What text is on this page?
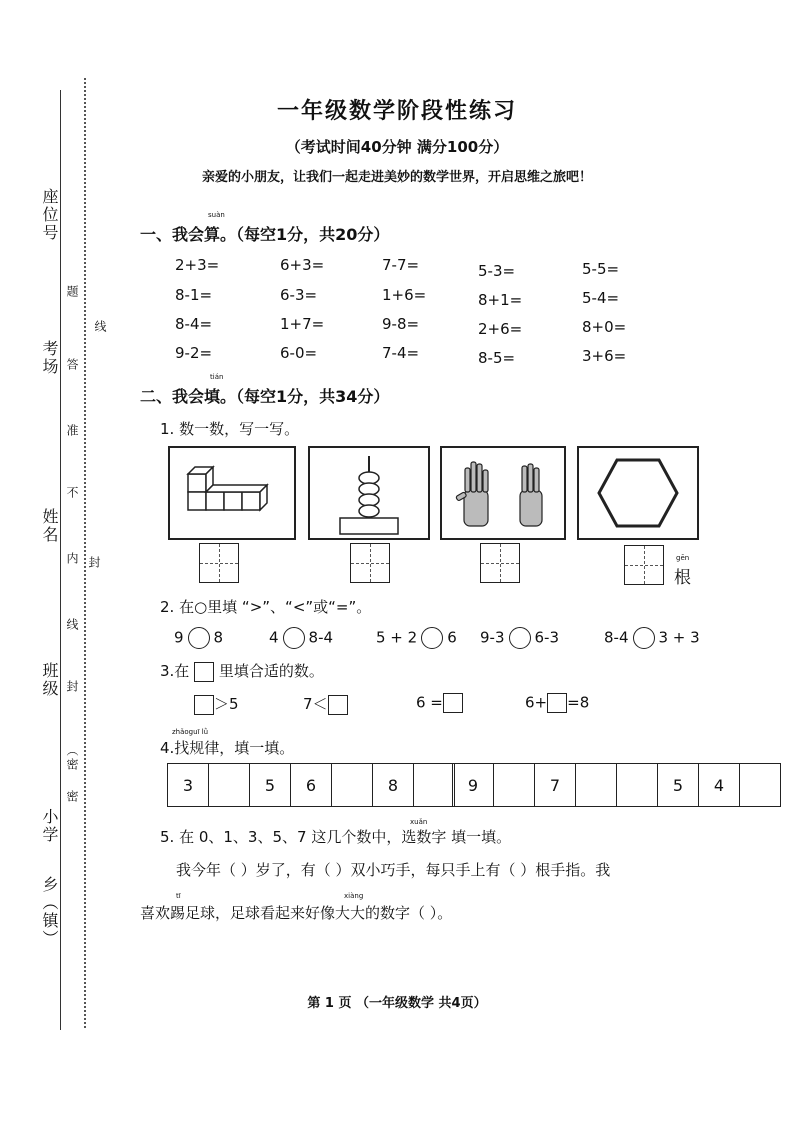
座位号
考场
姓名
班级
小学
乡（镇）
题
线
答
准
不
内 封
线
封
密
（密
一年级数学阶段性练习
（考试时间40分钟 满分100分）
亲爱的小朋友，让我们一起走进美妙的数学世界，开启思维之旅吧！
suàn
一、我会算。（每空1分，共20分）
2+3=	6+3=	7-7=	5-3=	5-5=
8-1=	6-3=	1+6=	8+1=	5-4=
8-4=	1+7=	9-8=	2+6=	8+0=
9-2=	6-0=	7-4=	8-5=	3+6=
tián
二、我会填。（每空1分，共34分）
1. 数一数，写一写。
gēn
根
2. 在○里填 “>”、“<”或“=”。
9 8	4 8-4	5 + 2 6 9-3 6-3	8-4 3 + 3
3.在 里填合适的数。
＞5	7＜	6 =	6+ =8
zhǎoguī lǜ
4.找规律，填一填。
3	5	6	8	9	7	5	4
xuǎn
5. 在 0、1、3、5、7 这几个数中，选数字 填一填。
我今年（ ）岁了，有（ ）双小巧手，每只手上有（ ）根手指。我
tī	xiàng
喜欢踢足球，足球看起来好像大大的数字（ ）。
第 1 页 （一年级数学 共4页）
